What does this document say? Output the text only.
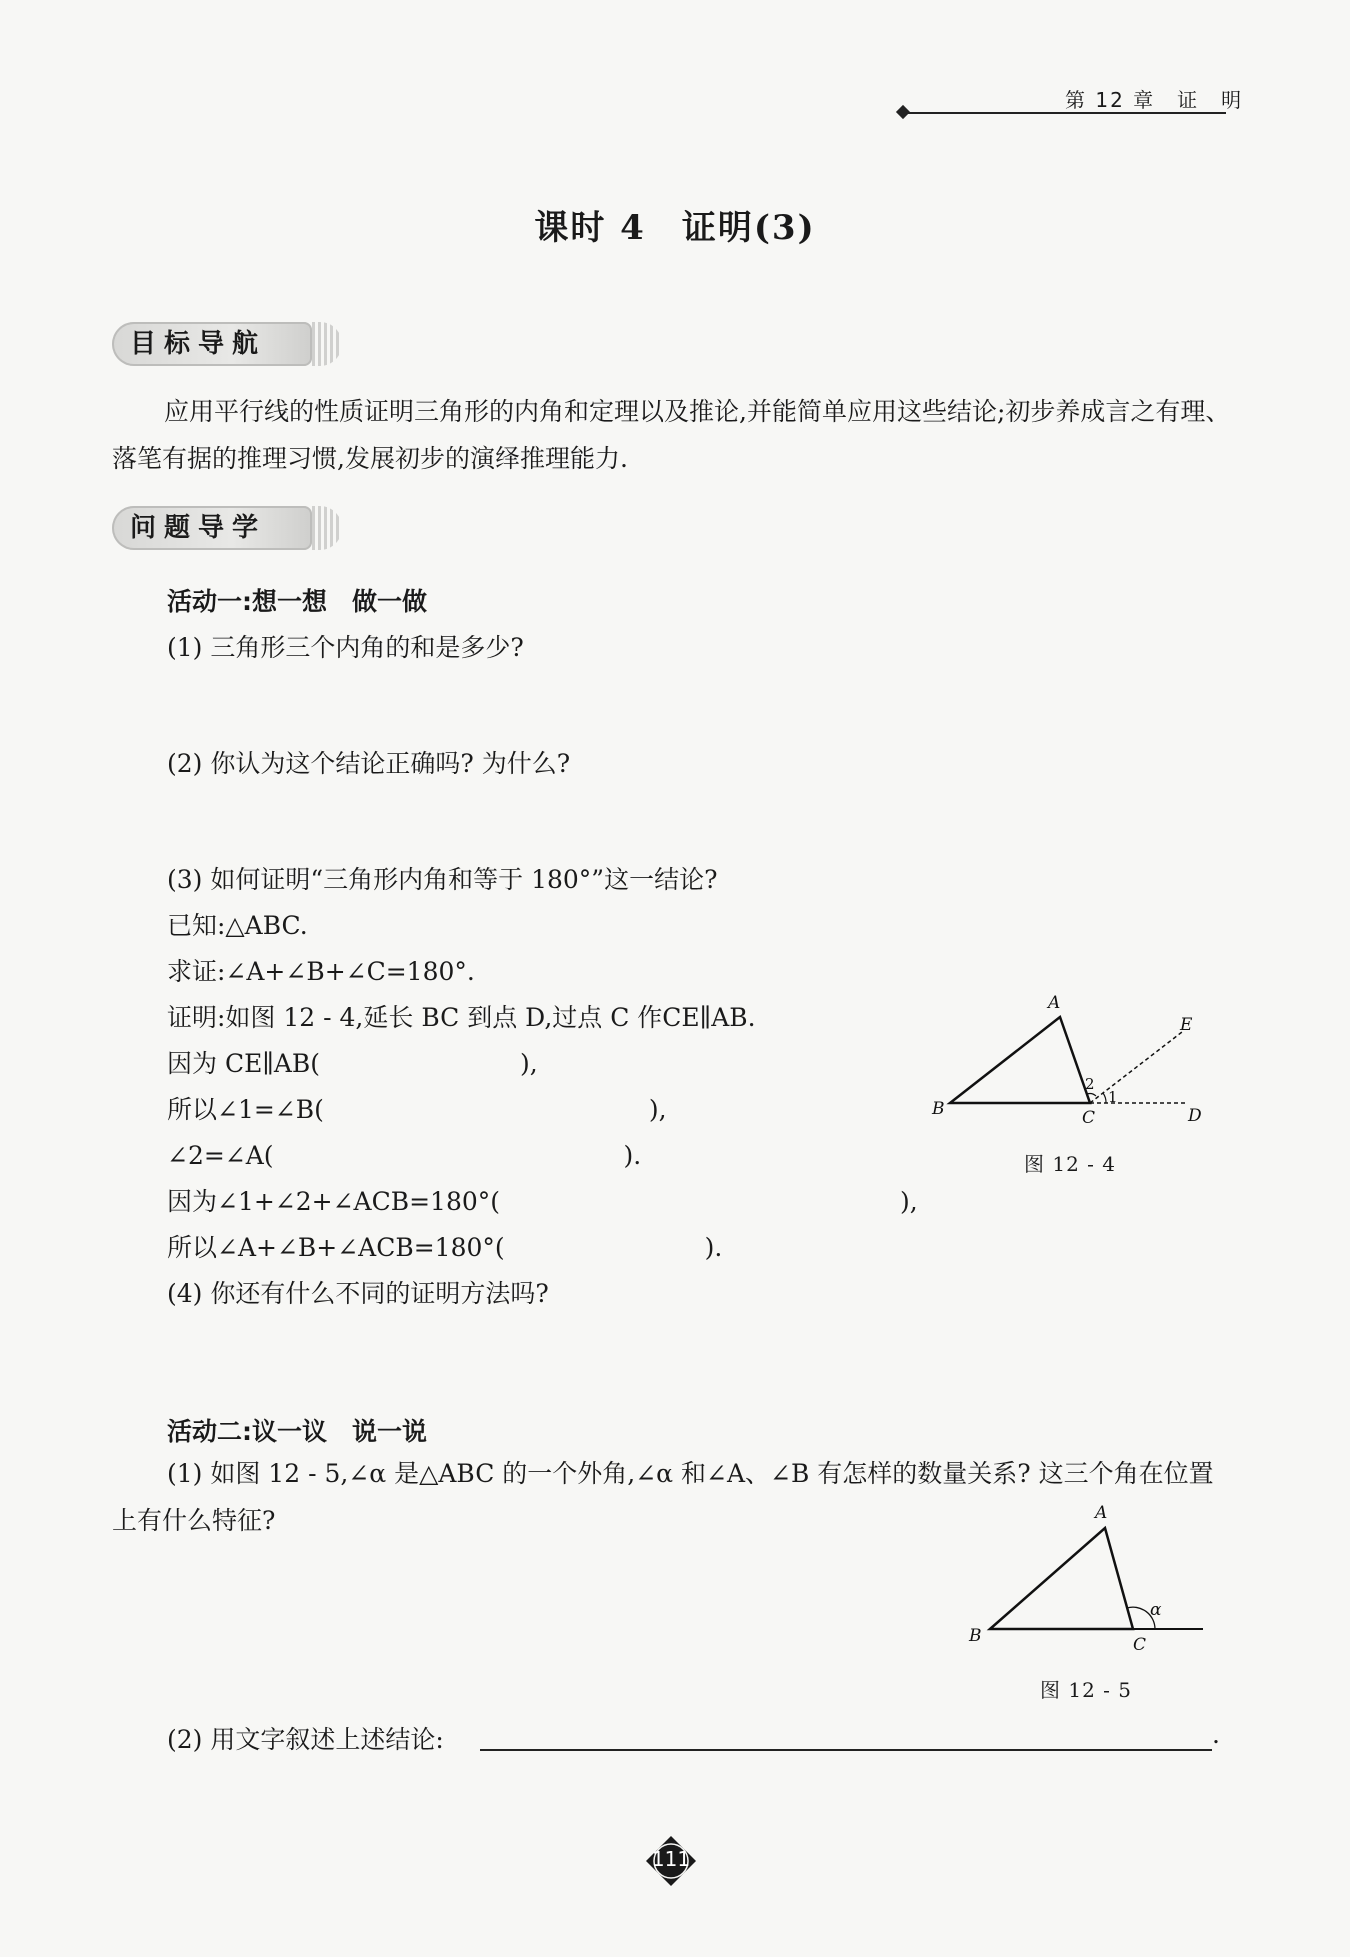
第 12 章　证　明
课时 4　证明(3)
目标导航
应用平行线的性质证明三角形的内角和定理以及推论,并能简单应用这些结论;初步养成言之有理、落笔有据的推理习惯,发展初步的演绎推理能力.
问题导学
活动一:想一想　做一做
(1) 三角形三个内角的和是多少?
(2) 你认为这个结论正确吗? 为什么?
(3) 如何证明“三角形内角和等于 180°”这一结论?
已知:△ABC.
求证:∠A+∠B+∠C=180°.
证明:如图 12 - 4,延长 BC 到点 D,过点 C 作CE∥AB.
因为 CE∥AB(　　　　　　　　),
所以∠1=∠B(　　　　　　　　　　　　　),
∠2=∠A(　　　　　　　　　　　　　　).
因为∠1+∠2+∠ACB=180°(　　　　　　　　　　　　　　　　),
所以∠A+∠B+∠ACB=180°(　　　　　　　　).
(4) 你还有什么不同的证明方法吗?
A
B	C	D
E
1
2
图 12 - 4
活动二:议一议　说一说
(1) 如图 12 - 5,∠α 是△ABC 的一个外角,∠α 和∠A、∠B 有怎样的数量关系? 这三个角在位置上有什么特征?	A
B	C
α
图 12 - 5
(2) 用文字叙述上述结论:	.
111
